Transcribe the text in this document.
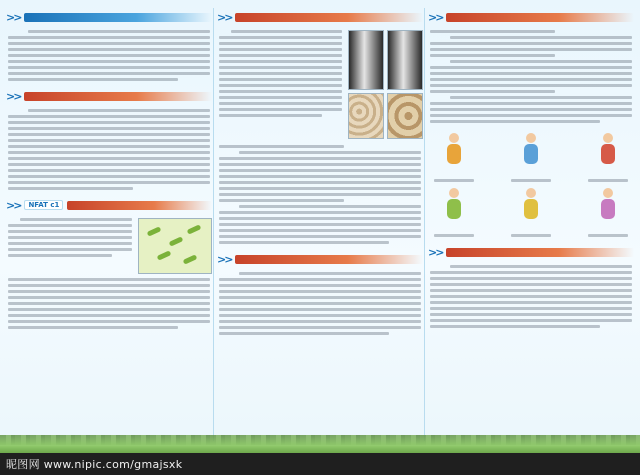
>>
>>
>>	NFAT c1
>>
>>
>>
>>
昵图网 www.nipic.com/gmajsxk
